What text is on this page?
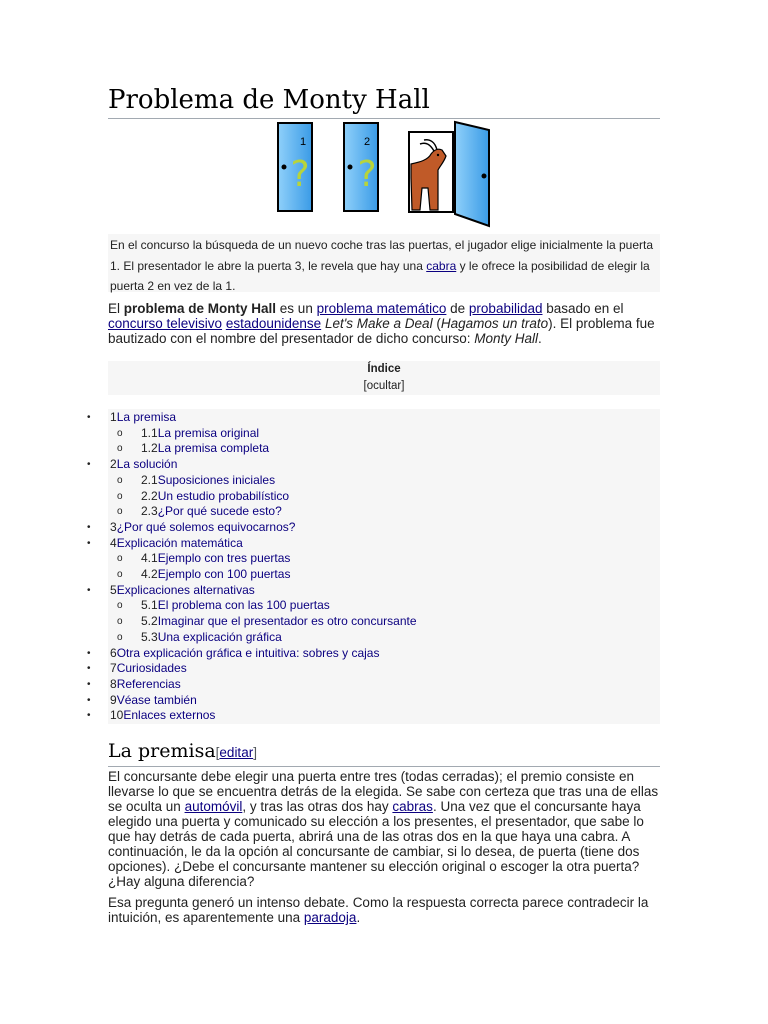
Problema de Monty Hall
1
?
2
?
En el concurso la búsqueda de un nuevo coche tras las puertas, el jugador elige inicialmente la puerta 1. El presentador le abre la puerta 3, le revela que hay una cabra y le ofrece la posibilidad de elegir la puerta 2 en vez de la 1.
El problema de Monty Hall es un problema matemático de probabilidad basado en el concurso televisivo estadounidense Let's Make a Deal (Hagamos un trato). El problema fue bautizado con el nombre del presentador de dicho concurso: Monty Hall.
Índice
[ocultar]
• 1La premisa
o 1.1La premisa original
o 1.2La premisa completa
• 2La solución
o 2.1Suposiciones iniciales
o 2.2Un estudio probabilístico
o 2.3¿Por qué sucede esto?
• 3¿Por qué solemos equivocarnos?
• 4Explicación matemática
o 4.1Ejemplo con tres puertas
o 4.2Ejemplo con 100 puertas
• 5Explicaciones alternativas
o 5.1El problema con las 100 puertas
o 5.2Imaginar que el presentador es otro concursante
o 5.3Una explicación gráfica
• 6Otra explicación gráfica e intuitiva: sobres y cajas
• 7Curiosidades
• 8Referencias
• 9Véase también
• 10Enlaces externos
La premisa[editar]
El concursante debe elegir una puerta entre tres (todas cerradas); el premio consiste en llevarse lo que se encuentra detrás de la elegida. Se sabe con certeza que tras una de ellas se oculta un automóvil, y tras las otras dos hay cabras. Una vez que el concursante haya elegido una puerta y comunicado su elección a los presentes, el presentador, que sabe lo que hay detrás de cada puerta, abrirá una de las otras dos en la que haya una cabra. A continuación, le da la opción al concursante de cambiar, si lo desea, de puerta (tiene dos opciones). ¿Debe el concursante mantener su elección original o escoger la otra puerta? ¿Hay alguna diferencia?
Esa pregunta generó un intenso debate. Como la respuesta correcta parece contradecir la intuición, es aparentemente una paradoja.
